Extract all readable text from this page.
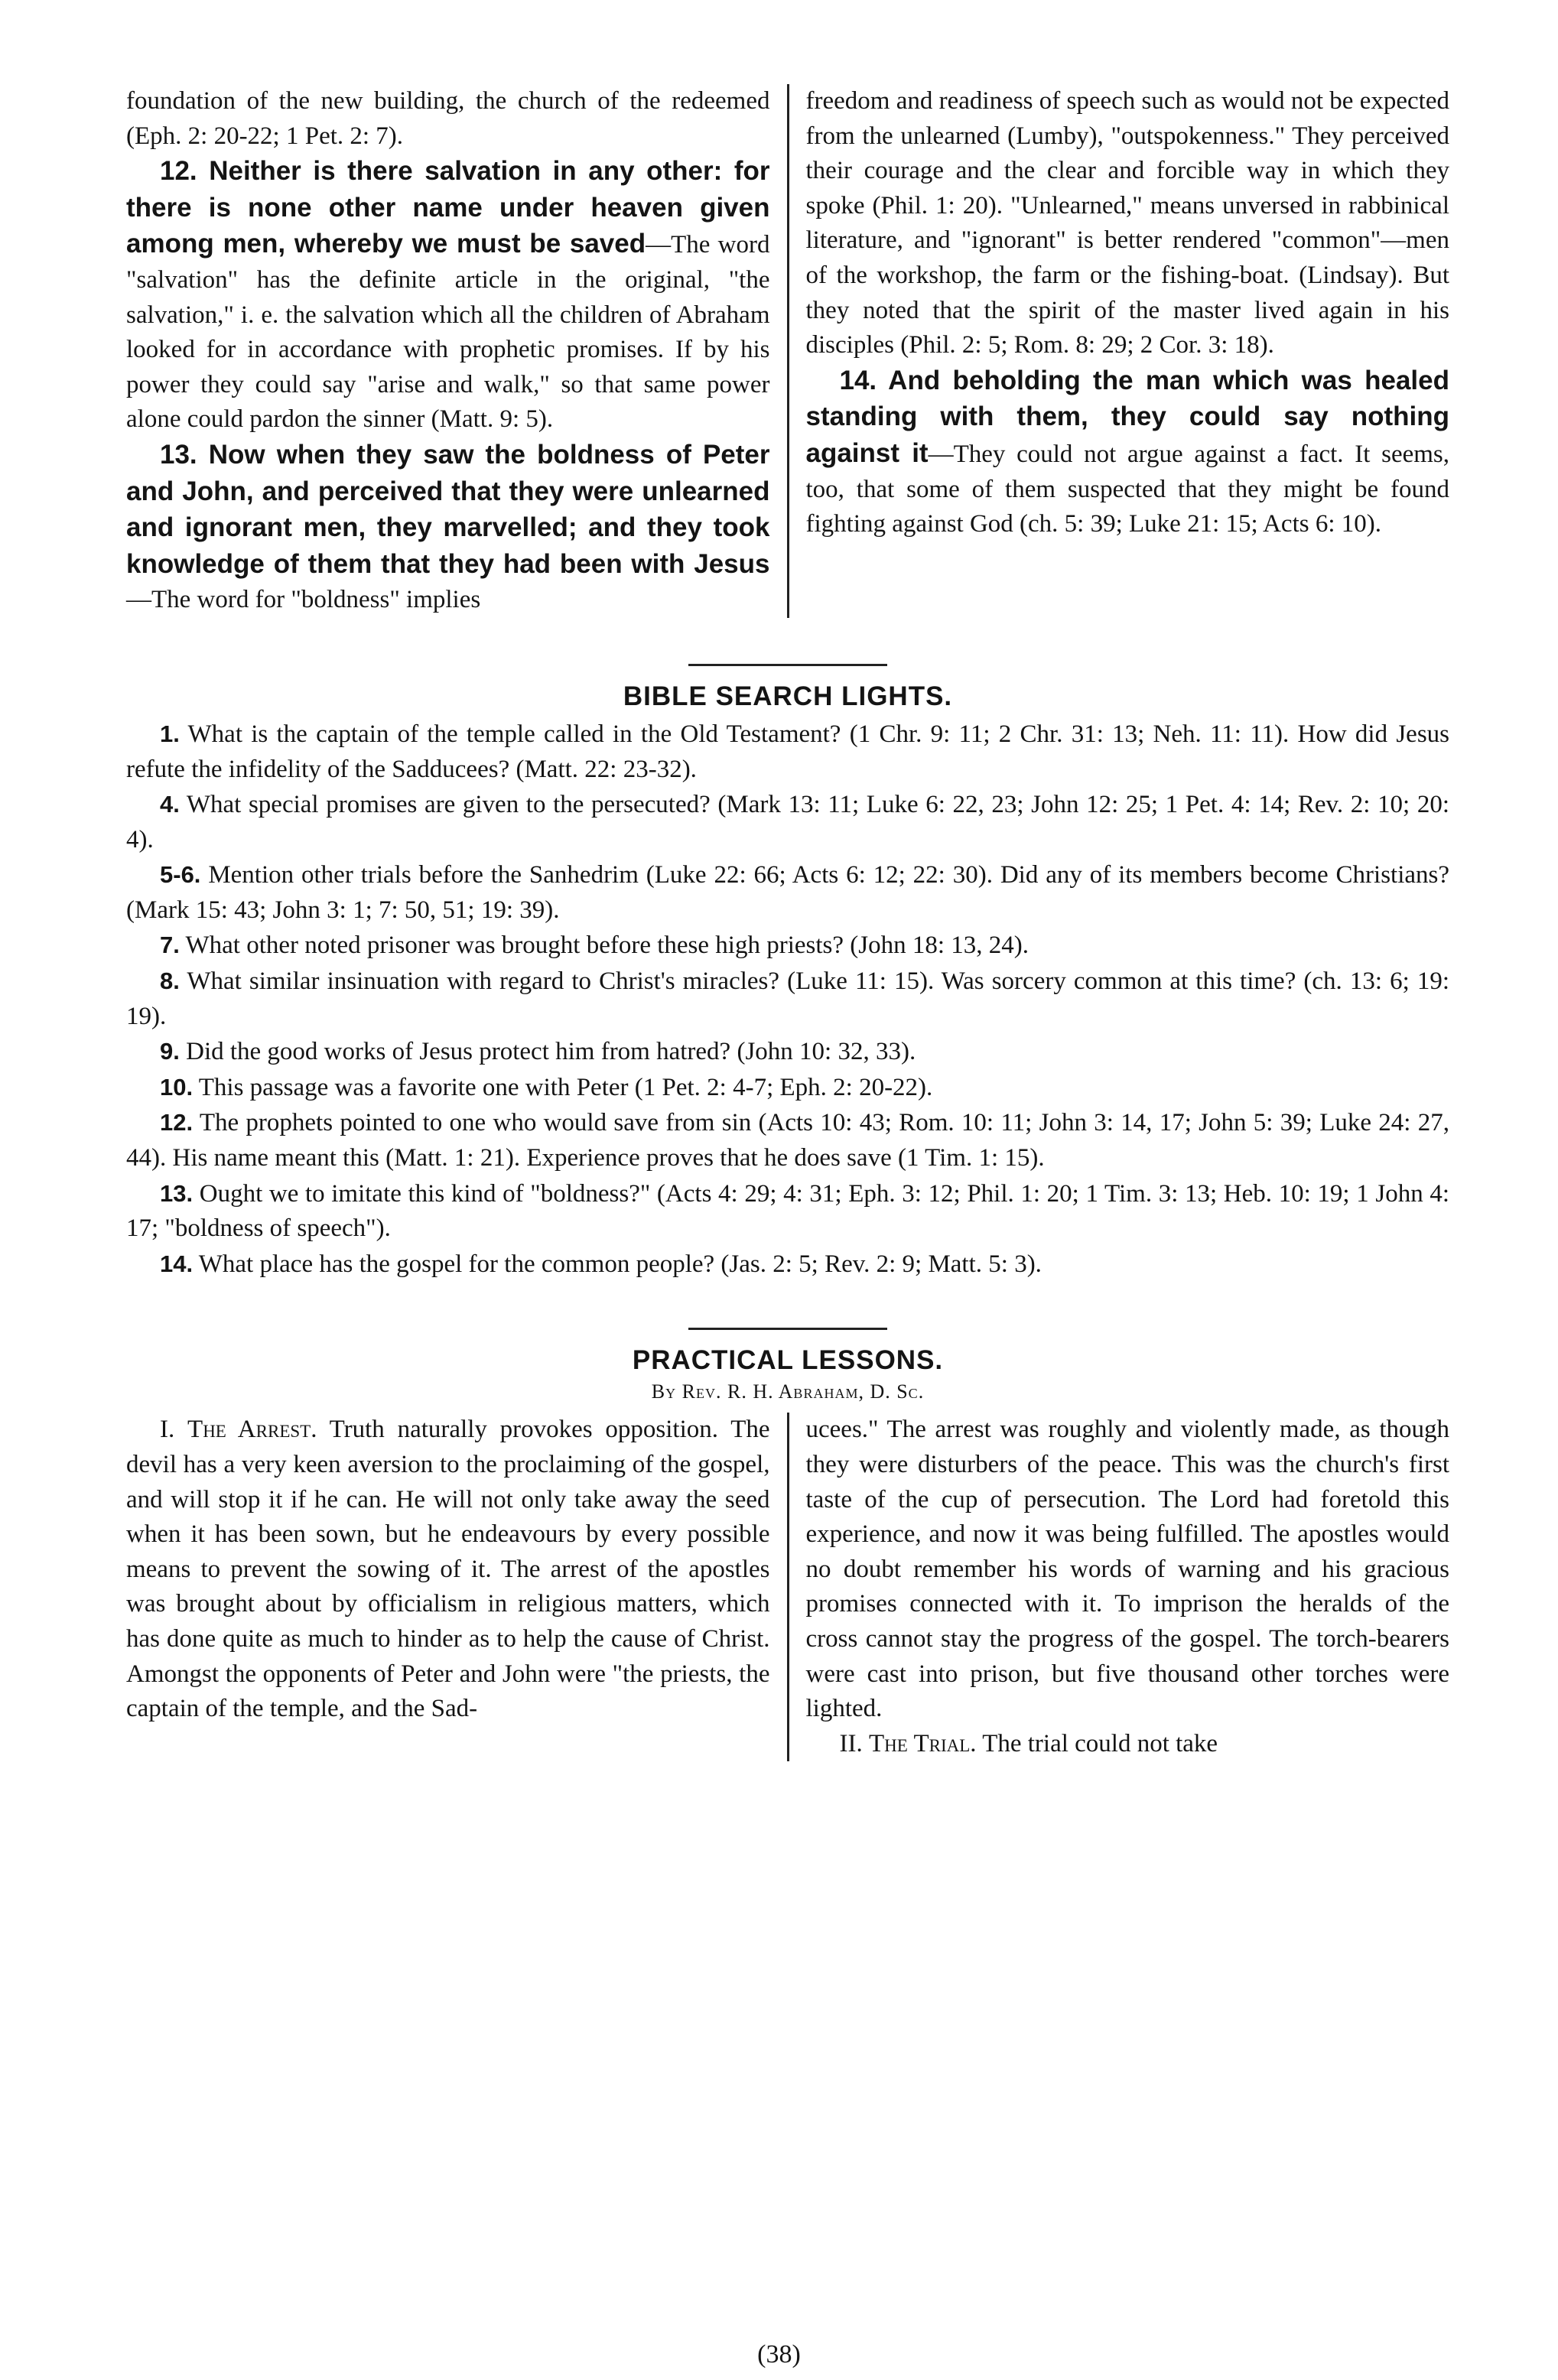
foundation of the new building, the church of the redeemed (Eph. 2: 20-22; 1 Pet. 2: 7).

12. Neither is there salvation in any other: for there is none other name under heaven given among men, whereby we must be saved—The word "salvation" has the definite article in the original, "the salvation," i. e. the salvation which all the children of Abraham looked for in accordance with prophetic promises. If by his power they could say "arise and walk," so that same power alone could pardon the sinner (Matt. 9: 5).

13. Now when they saw the boldness of Peter and John, and perceived that they were unlearned and ignorant men, they marvelled; and they took knowledge of them that they had been with Jesus—The word for "boldness" implies

freedom and readiness of speech such as would not be expected from the unlearned (Lumby), "outspokenness." They perceived their courage and the clear and forcible way in which they spoke (Phil. 1: 20). "Unlearned," means unversed in rabbinical literature, and "ignorant" is better rendered "common"—men of the workshop, the farm or the fishing-boat. (Lindsay). But they noted that the spirit of the master lived again in his disciples (Phil. 2: 5; Rom. 8: 29; 2 Cor. 3: 18).

14. And beholding the man which was healed standing with them, they could say nothing against it—They could not argue against a fact. It seems, too, that some of them suspected that they might be found fighting against God (ch. 5: 39; Luke 21: 15; Acts 6: 10).

BIBLE SEARCH LIGHTS.

1. What is the captain of the temple called in the Old Testament? (1 Chr. 9: 11; 2 Chr. 31: 13; Neh. 11: 11). How did Jesus refute the infidelity of the Sadducees? (Matt. 22: 23-32).

4. What special promises are given to the persecuted? (Mark 13: 11; Luke 6: 22, 23; John 12: 25; 1 Pet. 4: 14; Rev. 2: 10; 20: 4).

5-6. Mention other trials before the Sanhedrim (Luke 22: 66; Acts 6: 12; 22: 30). Did any of its members become Christians? (Mark 15: 43; John 3: 1; 7: 50, 51; 19: 39).

7. What other noted prisoner was brought before these high priests? (John 18: 13, 24).

8. What similar insinuation with regard to Christ's miracles? (Luke 11: 15). Was sorcery common at this time? (ch. 13: 6; 19: 19).

9. Did the good works of Jesus protect him from hatred? (John 10: 32, 33).

10. This passage was a favorite one with Peter (1 Pet. 2: 4-7; Eph. 2: 20-22).

12. The prophets pointed to one who would save from sin (Acts 10: 43; Rom. 10: 11; John 3: 14, 17; John 5: 39; Luke 24: 27, 44). His name meant this (Matt. 1: 21). Experience proves that he does save (1 Tim. 1: 15).

13. Ought we to imitate this kind of "boldness?" (Acts 4: 29; 4: 31; Eph. 3: 12; Phil. 1: 20; 1 Tim. 3: 13; Heb. 10: 19; 1 John 4: 17; "boldness of speech").

14. What place has the gospel for the common people? (Jas. 2: 5; Rev. 2: 9; Matt. 5: 3).

PRACTICAL LESSONS.
By Rev. R. H. Abraham, D. Sc.

I. The Arrest. Truth naturally provokes opposition. The devil has a very keen aversion to the proclaiming of the gospel, and will stop it if he can. He will not only take away the seed when it has been sown, but he endeavours by every possible means to prevent the sowing of it. The arrest of the apostles was brought about by officialism in religious matters, which has done quite as much to hinder as to help the cause of Christ. Amongst the opponents of Peter and John were "the priests, the captain of the temple, and the Sad-

ucees." The arrest was roughly and violently made, as though they were disturbers of the peace. This was the church's first taste of the cup of persecution. The Lord had foretold this experience, and now it was being fulfilled. The apostles would no doubt remember his words of warning and his gracious promises connected with it. To imprison the heralds of the cross cannot stay the progress of the gospel. The torch-bearers were cast into prison, but five thousand other torches were lighted.

II. The Trial. The trial could not take

(38)
